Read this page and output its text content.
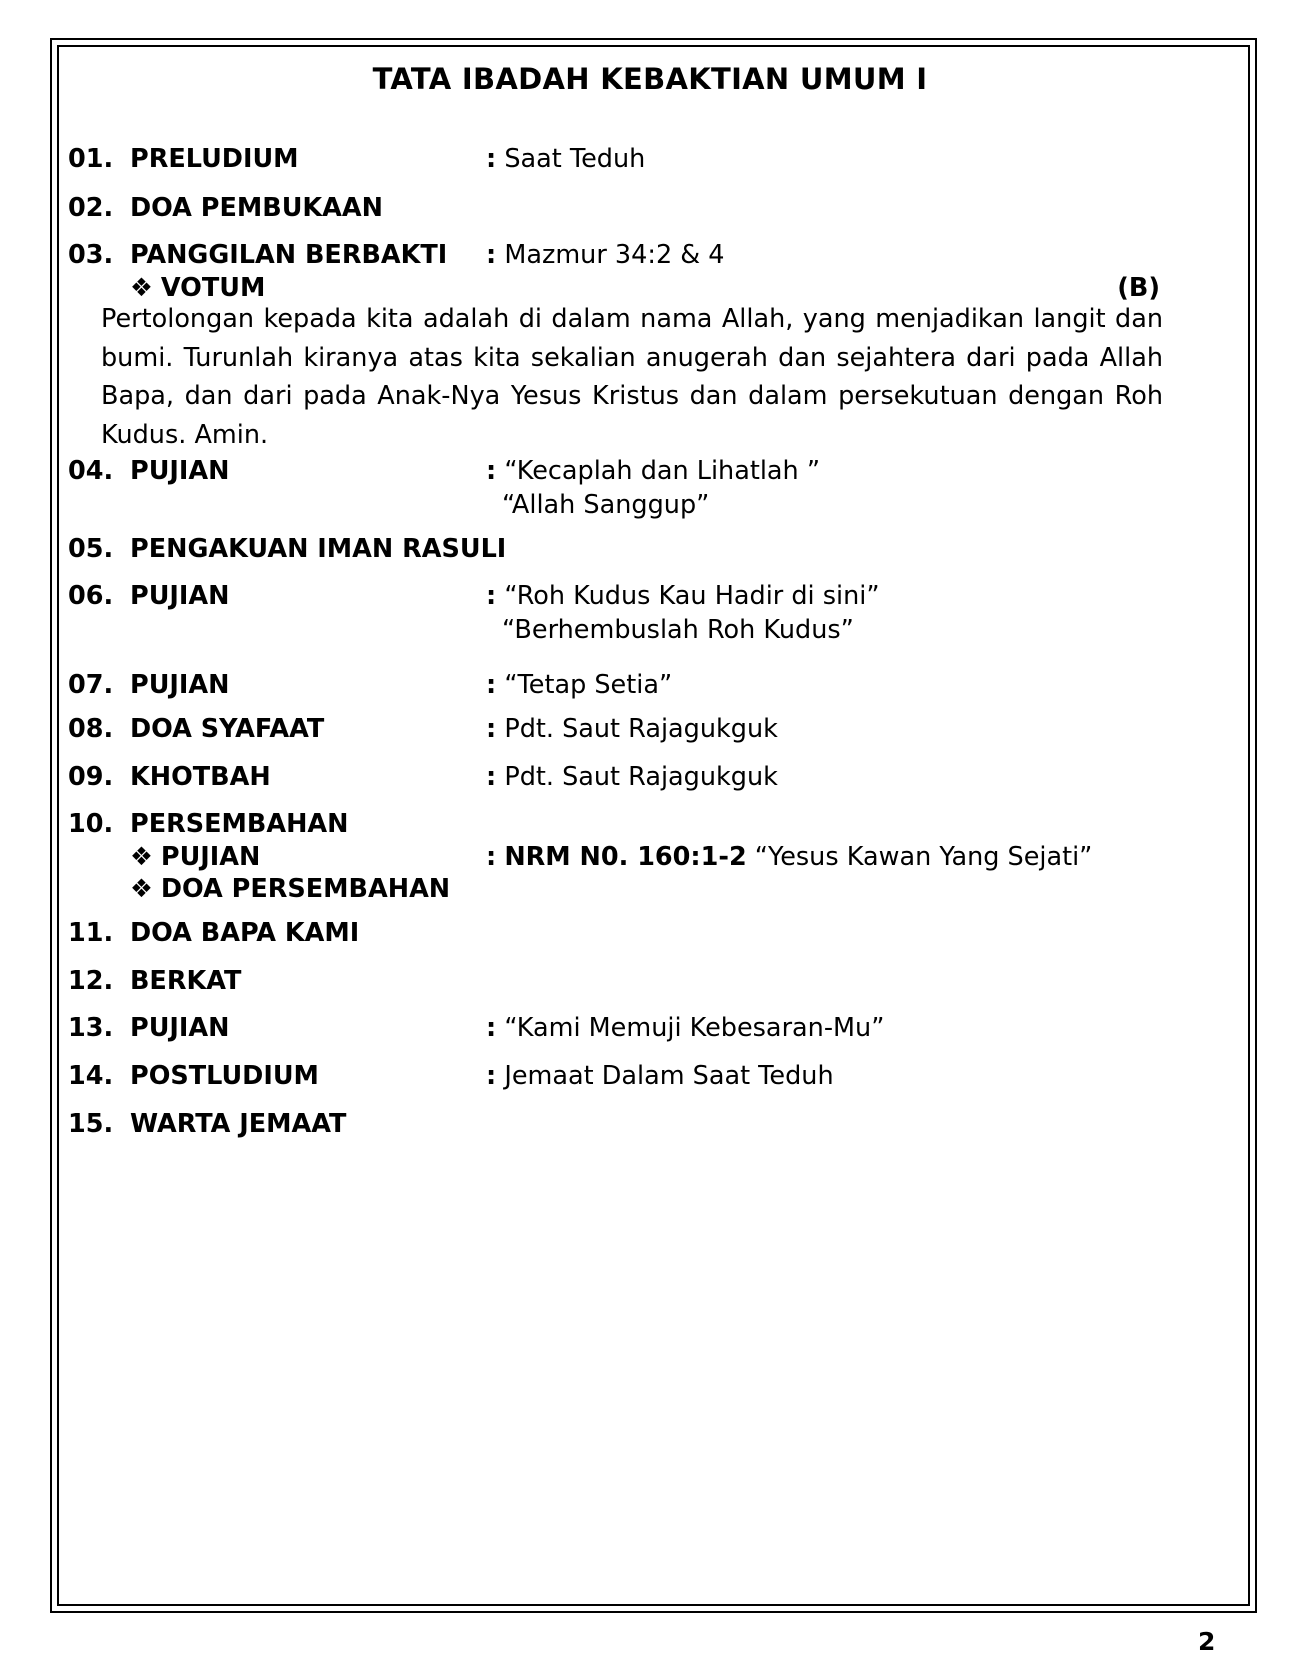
TATA IBADAH KEBAKTIAN UMUM I
01. PRELUDIUM	: Saat Teduh
02. DOA PEMBUKAAN
03. PANGGILAN BERBAKTI : Mazmur 34:2 & 4
❖ VOTUM	(B)
Pertolongan kepada kita adalah di dalam nama Allah, yang menjadikan langit dan bumi. Turunlah kiranya atas kita sekalian anugerah dan sejahtera dari pada Allah Bapa, dan dari pada Anak-Nya Yesus Kristus dan dalam persekutuan dengan Roh Kudus. Amin.
04. PUJIAN	: “Kecaplah dan Lihatlah ”
“Allah Sanggup”
05. PENGAKUAN IMAN RASULI
06. PUJIAN	: “Roh Kudus Kau Hadir di sini”
“Berhembuslah Roh Kudus”
07. PUJIAN	: “Tetap Setia”
08. DOA SYAFAAT	: Pdt. Saut Rajagukguk
09. KHOTBAH	: Pdt. Saut Rajagukguk
10. PERSEMBAHAN
❖ PUJIAN	: NRM N0. 160:1-2 “Yesus Kawan Yang Sejati”
❖ DOA PERSEMBAHAN
11. DOA BAPA KAMI
12. BERKAT
13. PUJIAN	: “Kami Memuji Kebesaran-Mu”
14. POSTLUDIUM	: Jemaat Dalam Saat Teduh
15. WARTA JEMAAT
2
